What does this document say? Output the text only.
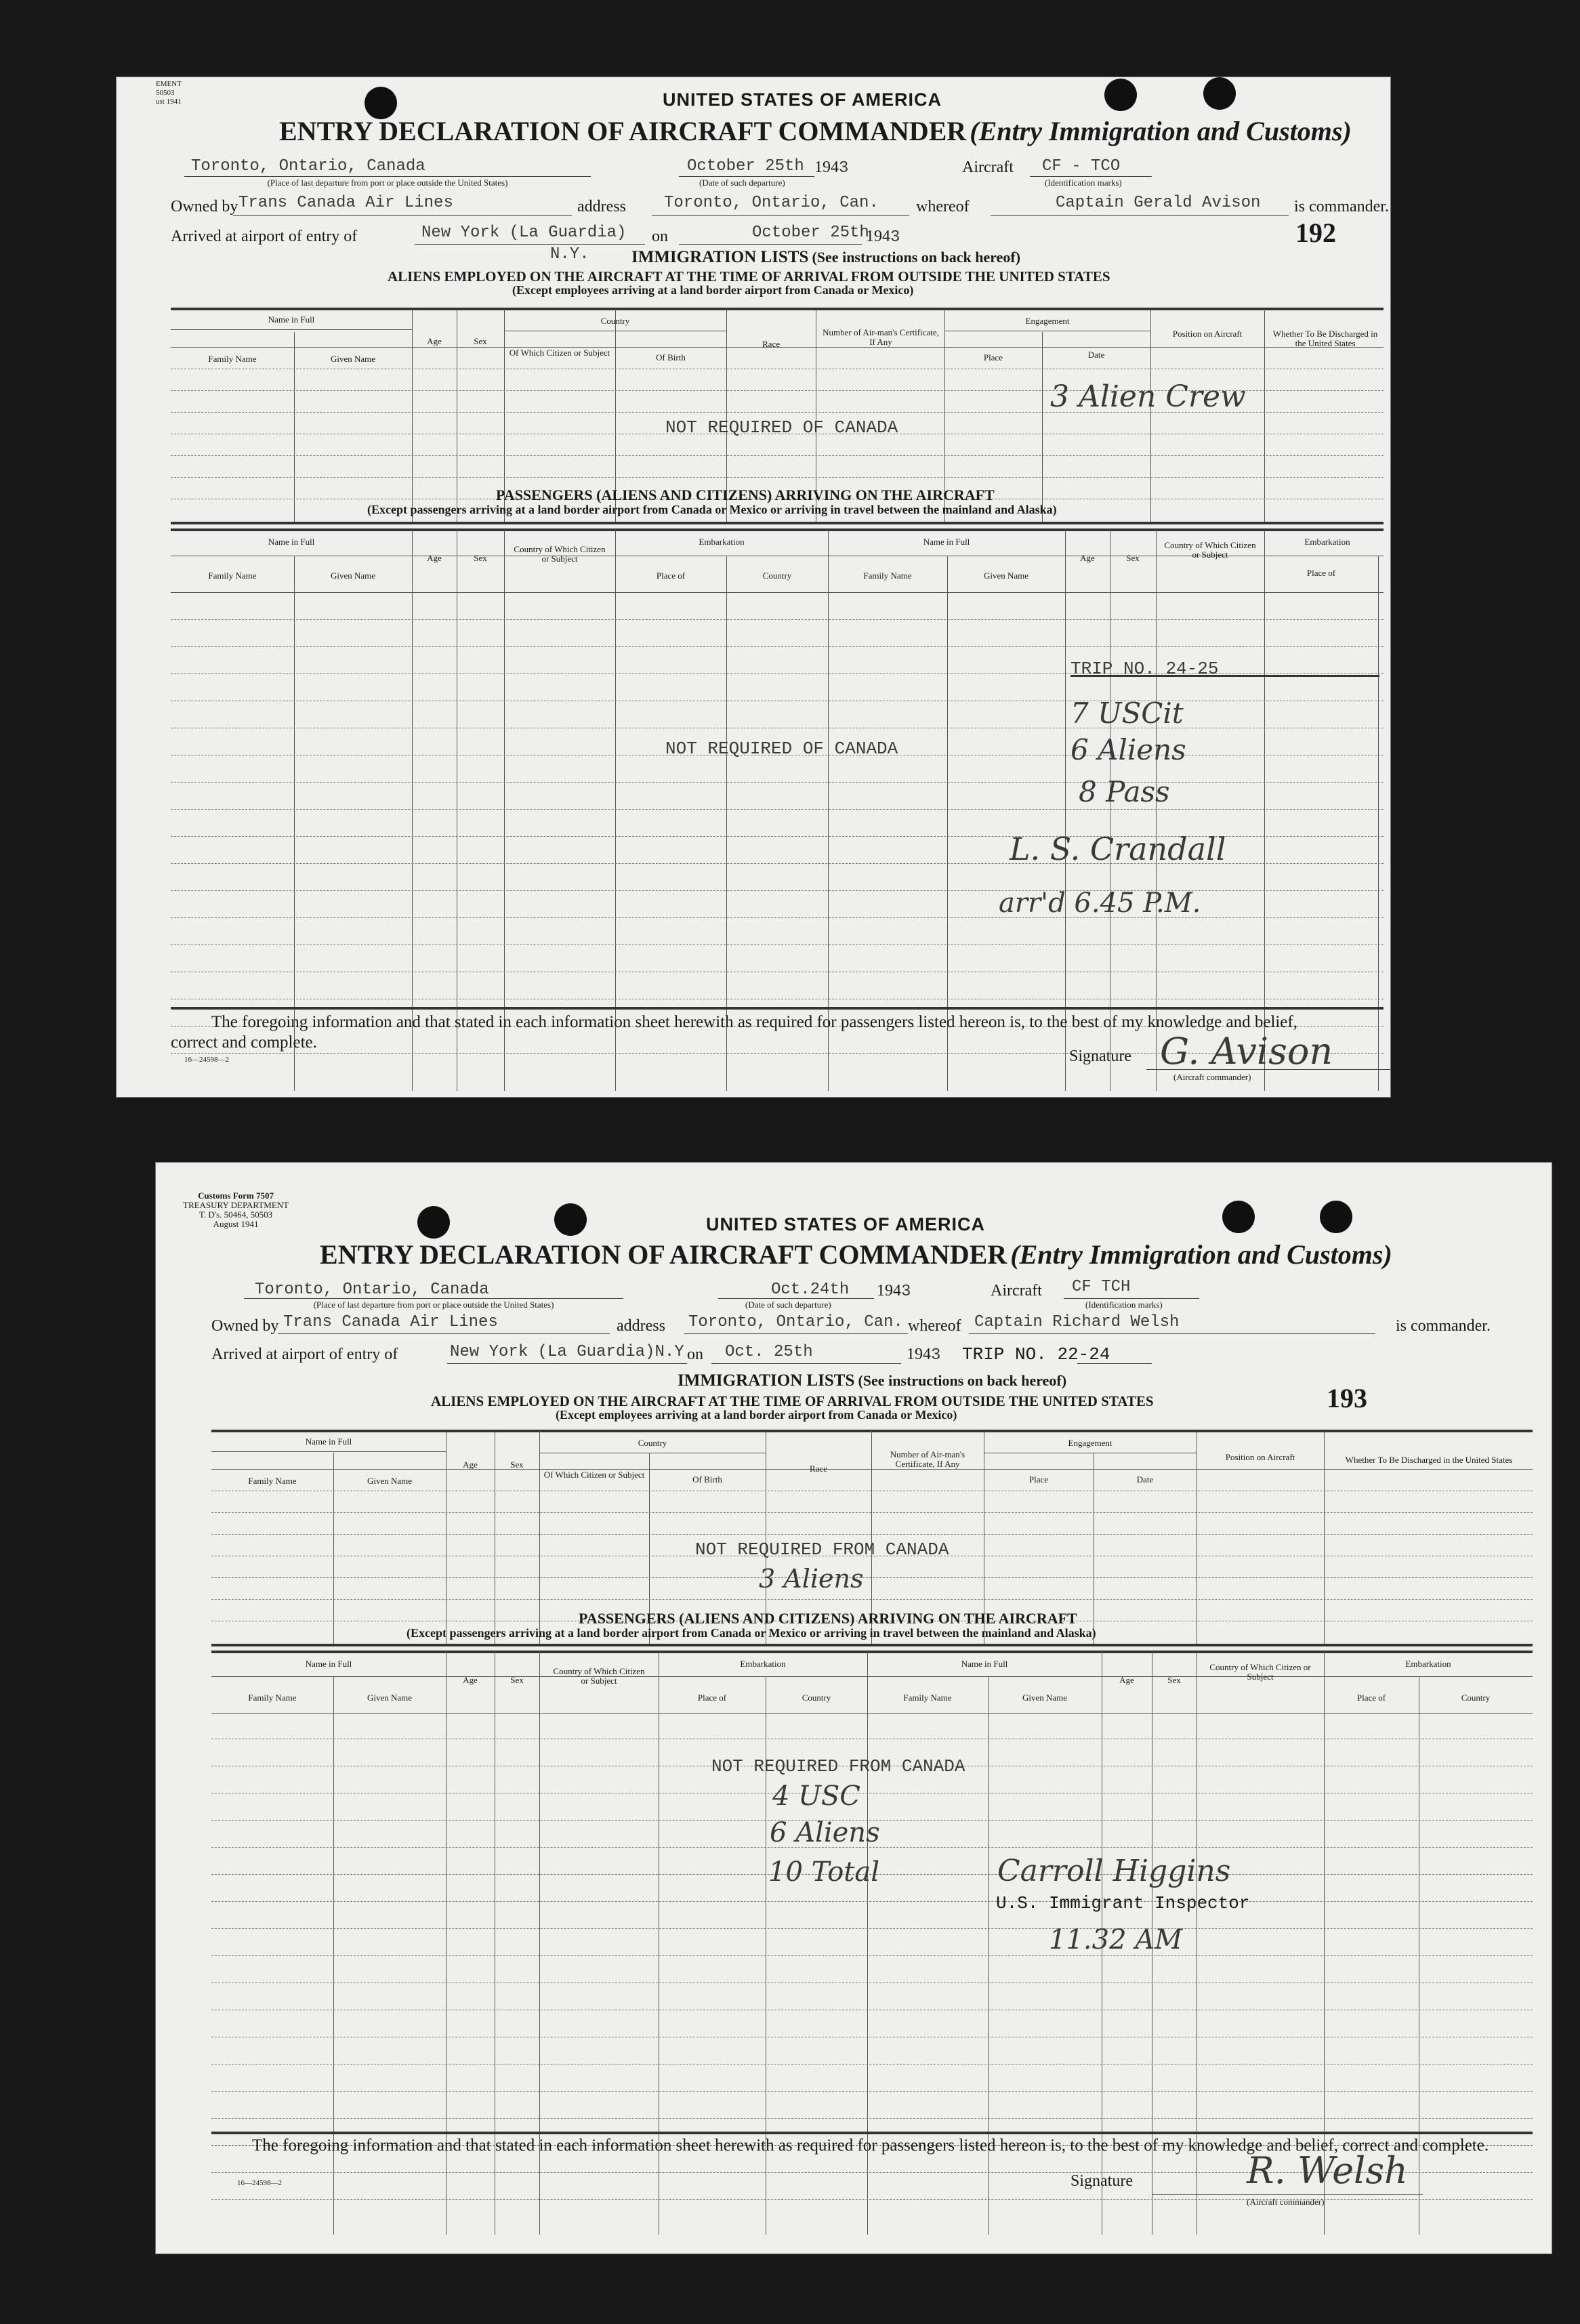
EMENT
50503
ust 1941	UNITED STATES OF AMERICA
ENTRY DECLARATION OF AIRCRAFT COMMANDER (Entry Immigration and Customs)
Toronto, Ontario, Canada
(Place of last departure from port or place outside the United States)
October 25th
(Date of such departure)
1943	Aircraft CF - TCO
(Identification marks)
Owned by Trans Canada Air Lines	address Toronto, Ontario, Can. whereof	Captain Gerald Avison is commander.
Arrived at airport of entry of	New York (La Guardia)
N.Y.
on	October 25th
1943	192
IMMIGRATION LISTS (See instructions on back hereof)
ALIENS EMPLOYED ON THE AIRCRAFT AT THE TIME OF ARRIVAL FROM OUTSIDE THE UNITED STATES
(Except employees arriving at a land border airport from Canada or Mexico)
Name in Full
Family Name	Given Name
Age	Sex
Country
Of Which Citizen or Subject	Of Birth
Race
Number of Air-man's Certificate, If Any
Engagement
Place	Date
Position on Aircraft	Whether To Be Discharged in the United States
NOT REQUIRED OF CANADA
3 Alien Crew
PASSENGERS (ALIENS AND CITIZENS) ARRIVING ON THE AIRCRAFT
(Except passengers arriving at a land border airport from Canada or Mexico or arriving in travel between the mainland and Alaska)
Name in Full
Family Name	Given Name
Age	Sex
Country of Which Citizen or Subject
Embarkation
Place of	Country
Name in Full
Family Name	Given Name
Age	Sex
Country of Which Citizen or Subject
Embarkation
Place of	Country
TRIP NO. 24-25
NOT REQUIRED OF CANADA
7 USCit
6 Aliens
8 Pass
L. S. Crandall
arr'd 6.45 P.M.
The foregoing information and that stated in each information sheet herewith as required for passengers listed hereon is, to the best of my knowledge and belief, correct and complete.
16—24598—2	Signature G. Avison
(Aircraft commander)
Customs Form 7507
TREASURY DEPARTMENT
T. D's. 50464, 50503
August 1941	UNITED STATES OF AMERICA
ENTRY DECLARATION OF AIRCRAFT COMMANDER (Entry Immigration and Customs)
Toronto, Ontario, Canada
(Place of last departure from port or place outside the United States)
Oct.24th
(Date of such departure)
1943	Aircraft CF TCH
(Identification marks)
Owned by Trans Canada Air Lines	address Toronto, Ontario, Can. whereof Captain Richard Welsh	is commander.
Arrived at airport of entry of	New York (La Guardia)N.Y on Oct. 25th	1943 TRIP NO. 22-24
193
IMMIGRATION LISTS (See instructions on back hereof)
ALIENS EMPLOYED ON THE AIRCRAFT AT THE TIME OF ARRIVAL FROM OUTSIDE THE UNITED STATES
(Except employees arriving at a land border airport from Canada or Mexico)
Name in Full
Family Name	Given Name
Age	Sex
Country
Of Which Citizen or Subject	Of Birth
Race
Number of Air-man's Certificate, If Any
Engagement
Place	Date
Position on Aircraft	Whether To Be Discharged in the United States
NOT REQUIRED FROM CANADA
3 Aliens
PASSENGERS (ALIENS AND CITIZENS) ARRIVING ON THE AIRCRAFT
(Except passengers arriving at a land border airport from Canada or Mexico or arriving in travel between the mainland and Alaska)
Name in Full
Family Name	Given Name
Age	Sex
Country of Which Citizen or Subject
Embarkation
Place of	Country
Name in Full
Family Name	Given Name
Age	Sex
Country of Which Citizen or Subject
Embarkation
Place of	Country
NOT REQUIRED FROM CANADA
4 USC
6 Aliens
10 Total	Carroll Higgins
U.S. Immigrant Inspector
11.32 AM
The foregoing information and that stated in each information sheet herewith as required for passengers listed hereon is, to the best of my knowledge and belief, correct and complete.
16—24598—2	Signature	R. Welsh
(Aircraft commander)
